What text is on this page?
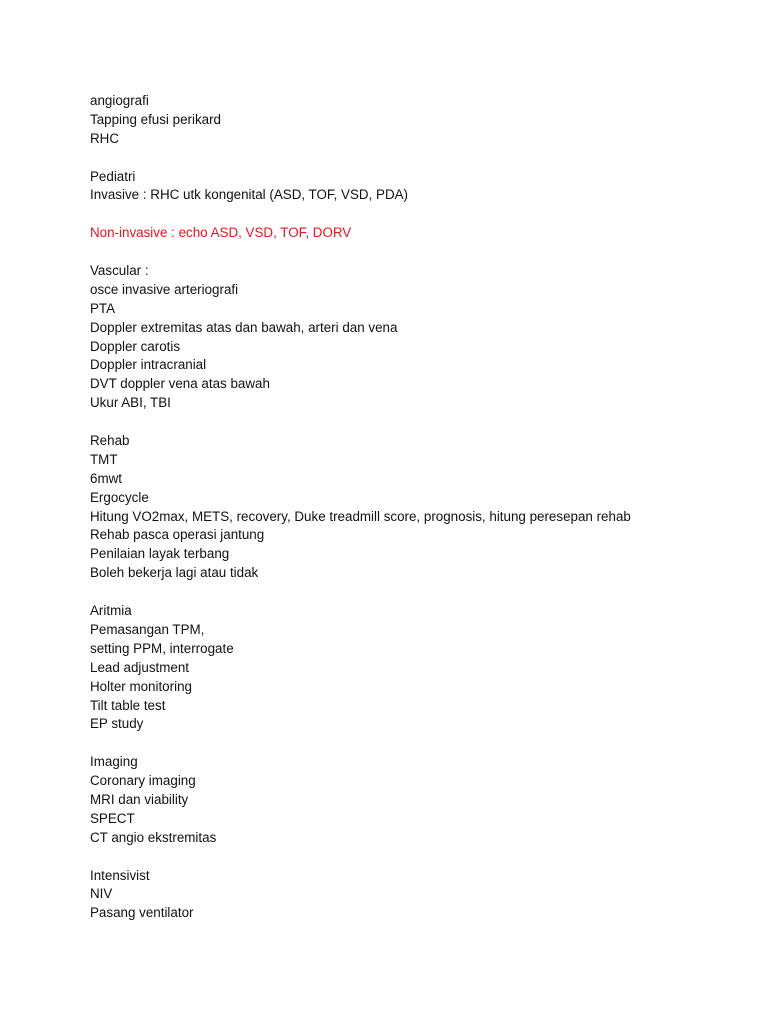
angiografi
Tapping efusi perikard
RHC
Pediatri
Invasive : RHC utk kongenital (ASD, TOF, VSD, PDA)
Non-invasive : echo ASD, VSD, TOF, DORV
Vascular :
osce invasive arteriografi
PTA
Doppler extremitas atas dan bawah, arteri dan vena
Doppler carotis
Doppler intracranial
DVT doppler vena atas bawah
Ukur ABI, TBI
Rehab
TMT
6mwt
Ergocycle
Hitung VO2max, METS, recovery, Duke treadmill score, prognosis, hitung peresepan rehab
Rehab pasca operasi jantung
Penilaian layak terbang
Boleh bekerja lagi atau tidak
Aritmia
Pemasangan TPM,
setting PPM, interrogate
Lead adjustment
Holter monitoring
Tilt table test
EP study
Imaging
Coronary imaging
MRI dan viability
SPECT
CT angio ekstremitas
Intensivist
NIV
Pasang ventilator
